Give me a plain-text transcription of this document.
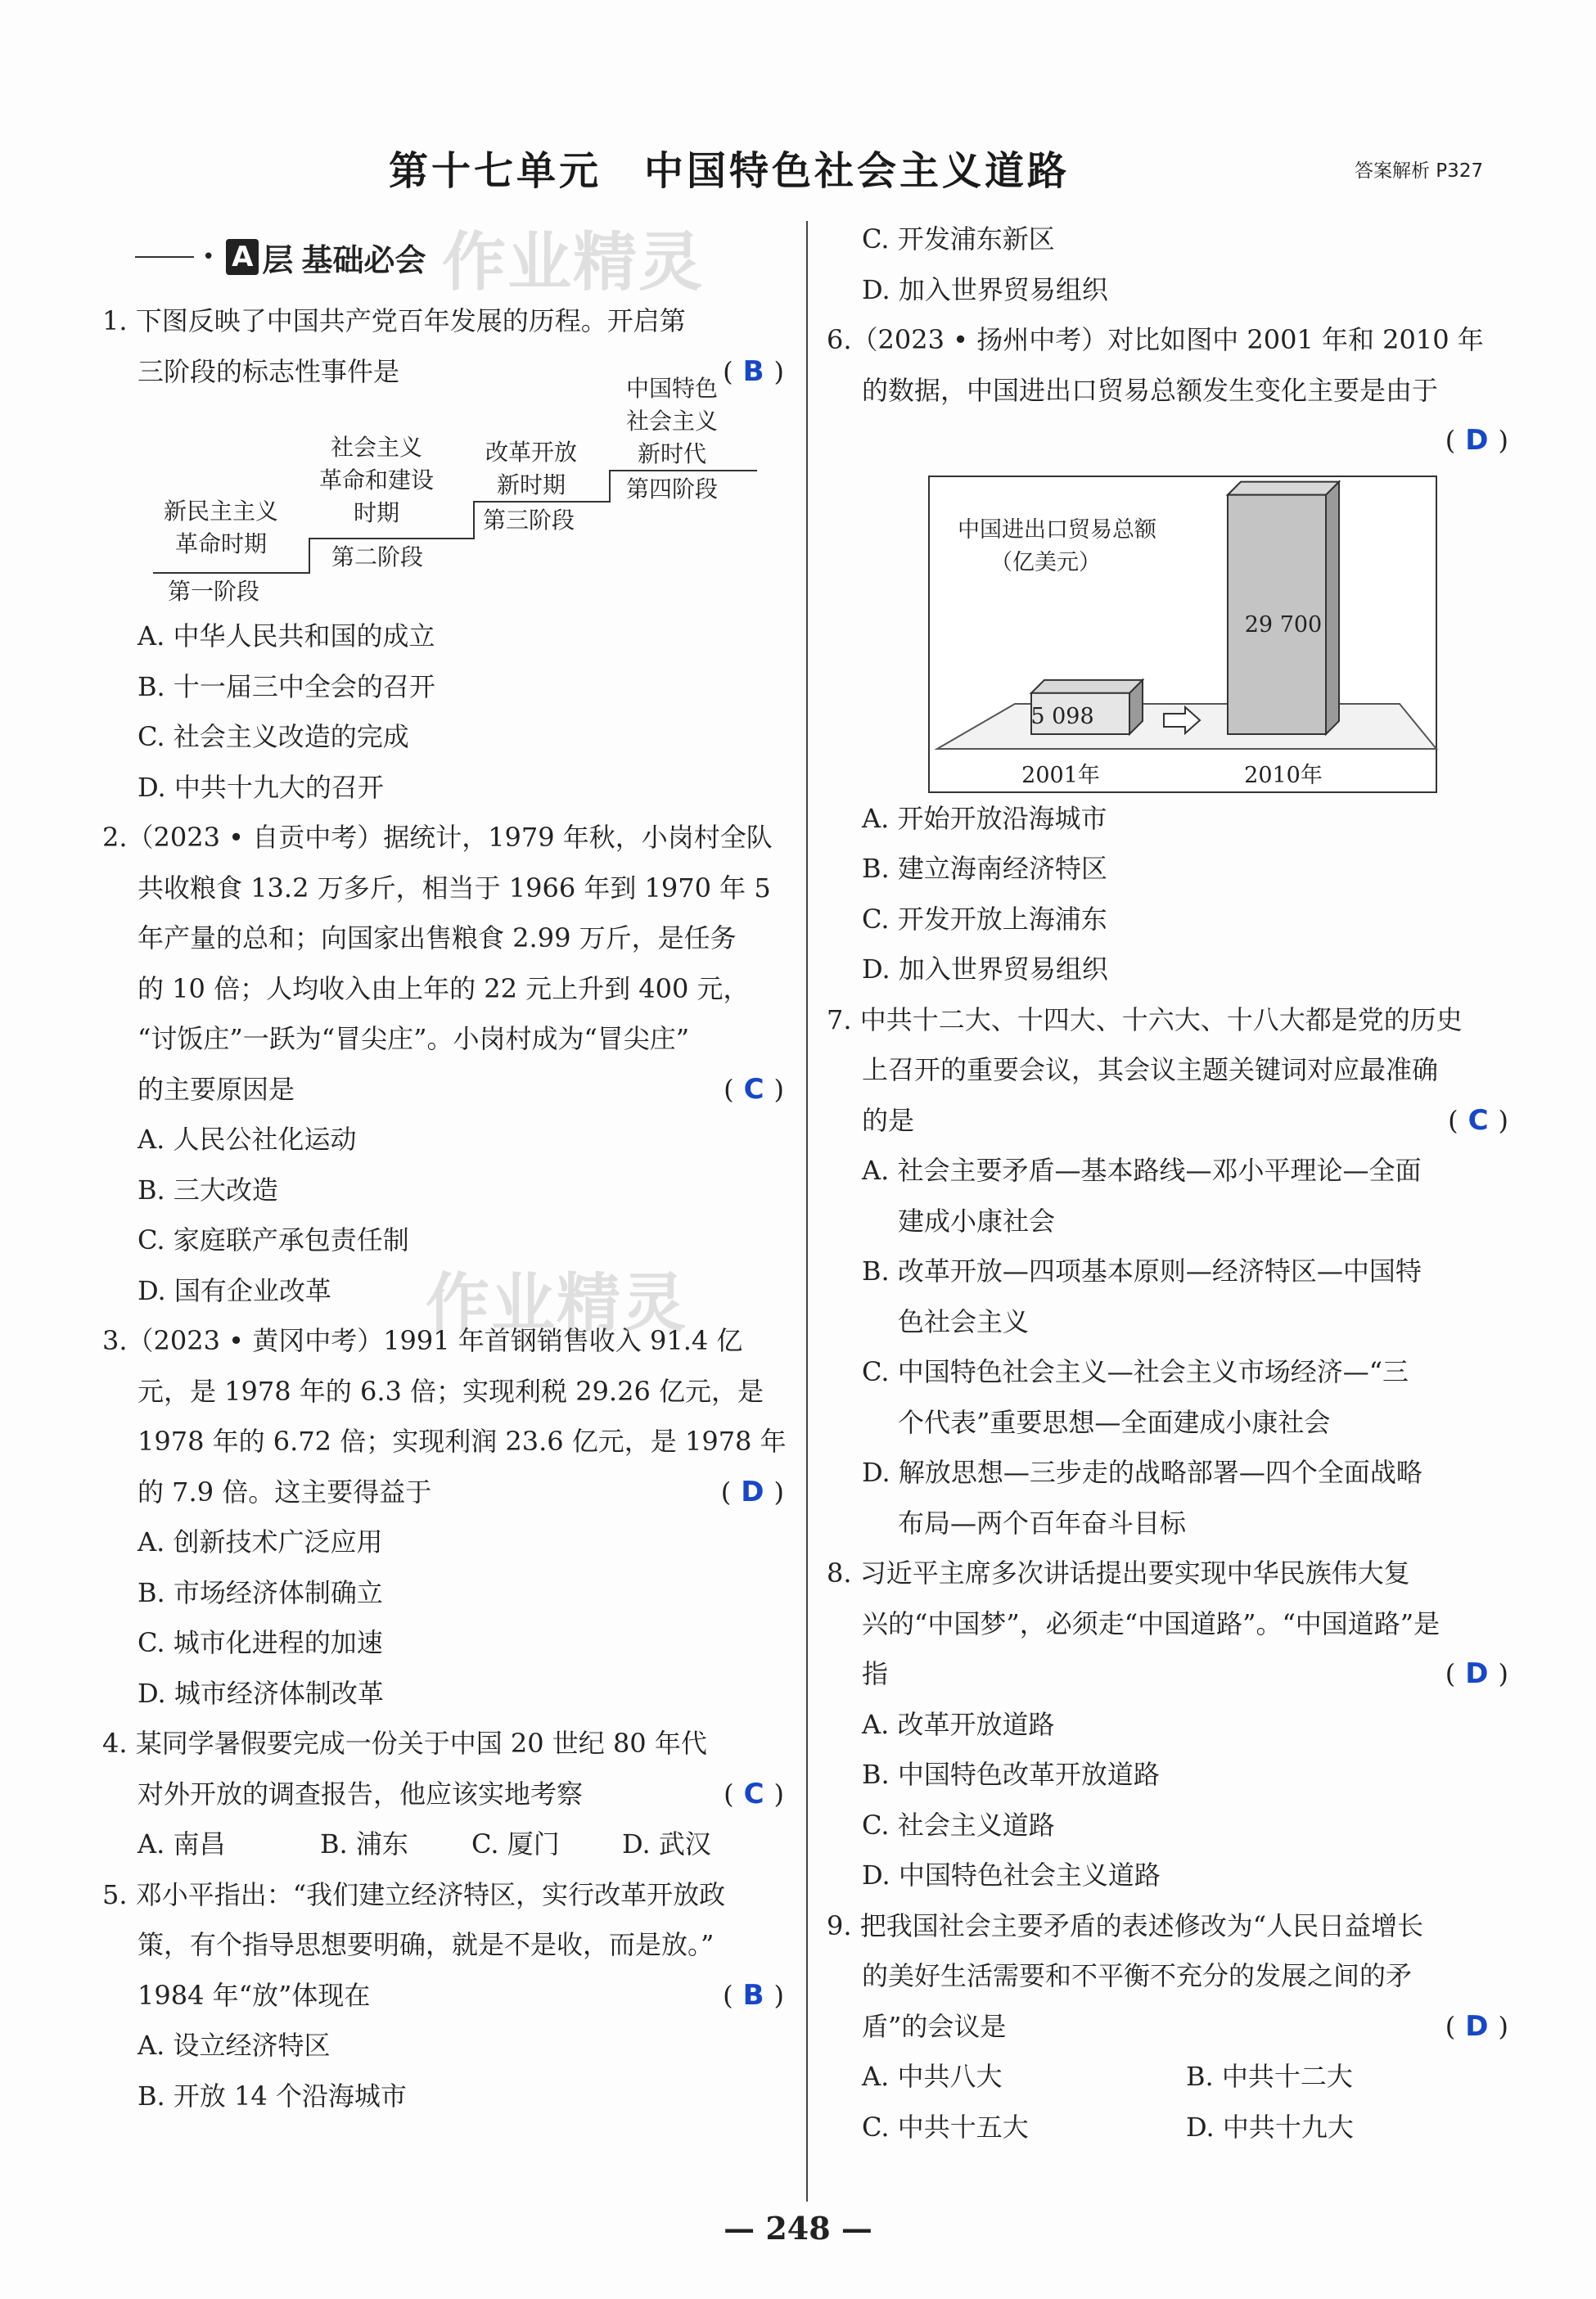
第十七单元　中国特色社会主义道路	答案解析 P327
• A 层 基础必会
1. 下图反映了中国共产党百年发展的历程。开启第
三阶段的标志性事件是	( B )
新民主主义
革命时期
第一阶段
社会主义
革命和建设
时期
第二阶段
改革开放
新时期
第三阶段
中国特色
社会主义
新时代
第四阶段
A. 中华人民共和国的成立
B. 十一届三中全会的召开
C. 社会主义改造的完成
D. 中共十九大的召开
2.（2023 • 自贡中考）据统计，1979 年秋，小岗村全队
共收粮食 13.2 万多斤，相当于 1966 年到 1970 年 5
年产量的总和；向国家出售粮食 2.99 万斤，是任务
的 10 倍；人均收入由上年的 22 元上升到 400 元，
“讨饭庄”一跃为“冒尖庄”。小岗村成为“冒尖庄”
的主要原因是	( C )
A. 人民公社化运动
B. 三大改造
C. 家庭联产承包责任制
D. 国有企业改革
3.（2023 • 黄冈中考）1991 年首钢销售收入 91.4 亿
元，是 1978 年的 6.3 倍；实现利税 29.26 亿元，是
1978 年的 6.72 倍；实现利润 23.6 亿元，是 1978 年
的 7.9 倍。这主要得益于	( D )
A. 创新技术广泛应用
B. 市场经济体制确立
C. 城市化进程的加速
D. 城市经济体制改革
4. 某同学暑假要完成一份关于中国 20 世纪 80 年代
对外开放的调查报告，他应该实地考察	( C )
A. 南昌	B. 浦东	C. 厦门	D. 武汉
5. 邓小平指出：“我们建立经济特区，实行改革开放政
策，有个指导思想要明确，就是不是收，而是放。”
1984 年“放”体现在	( B )
A. 设立经济特区
B. 开放 14 个沿海城市
C. 开发浦东新区
D. 加入世界贸易组织
6.（2023 • 扬州中考）对比如图中 2001 年和 2010 年
的数据，中国进出口贸易总额发生变化主要是由于
( D )
中国进出口贸易总额
（亿美元）
5 098
29 700
2001年	2010年
A. 开始开放沿海城市
B. 建立海南经济特区
C. 开发开放上海浦东
D. 加入世界贸易组织
7. 中共十二大、十四大、十六大、十八大都是党的历史
上召开的重要会议，其会议主题关键词对应最准确
的是	( C )
A. 社会主要矛盾—基本路线—邓小平理论—全面
建成小康社会
B. 改革开放—四项基本原则—经济特区—中国特
色社会主义
C. 中国特色社会主义—社会主义市场经济—“三
个代表”重要思想—全面建成小康社会
D. 解放思想—三步走的战略部署—四个全面战略
布局—两个百年奋斗目标
8. 习近平主席多次讲话提出要实现中华民族伟大复
兴的“中国梦”，必须走“中国道路”。“中国道路”是
指	( D )
A. 改革开放道路
B. 中国特色改革开放道路
C. 社会主义道路
D. 中国特色社会主义道路
9. 把我国社会主要矛盾的表述修改为“人民日益增长
的美好生活需要和不平衡不充分的发展之间的矛
盾”的会议是	( D )
A. 中共八大	B. 中共十二大
C. 中共十五大	D. 中共十九大
作业精灵
作业精灵
— 248 —
